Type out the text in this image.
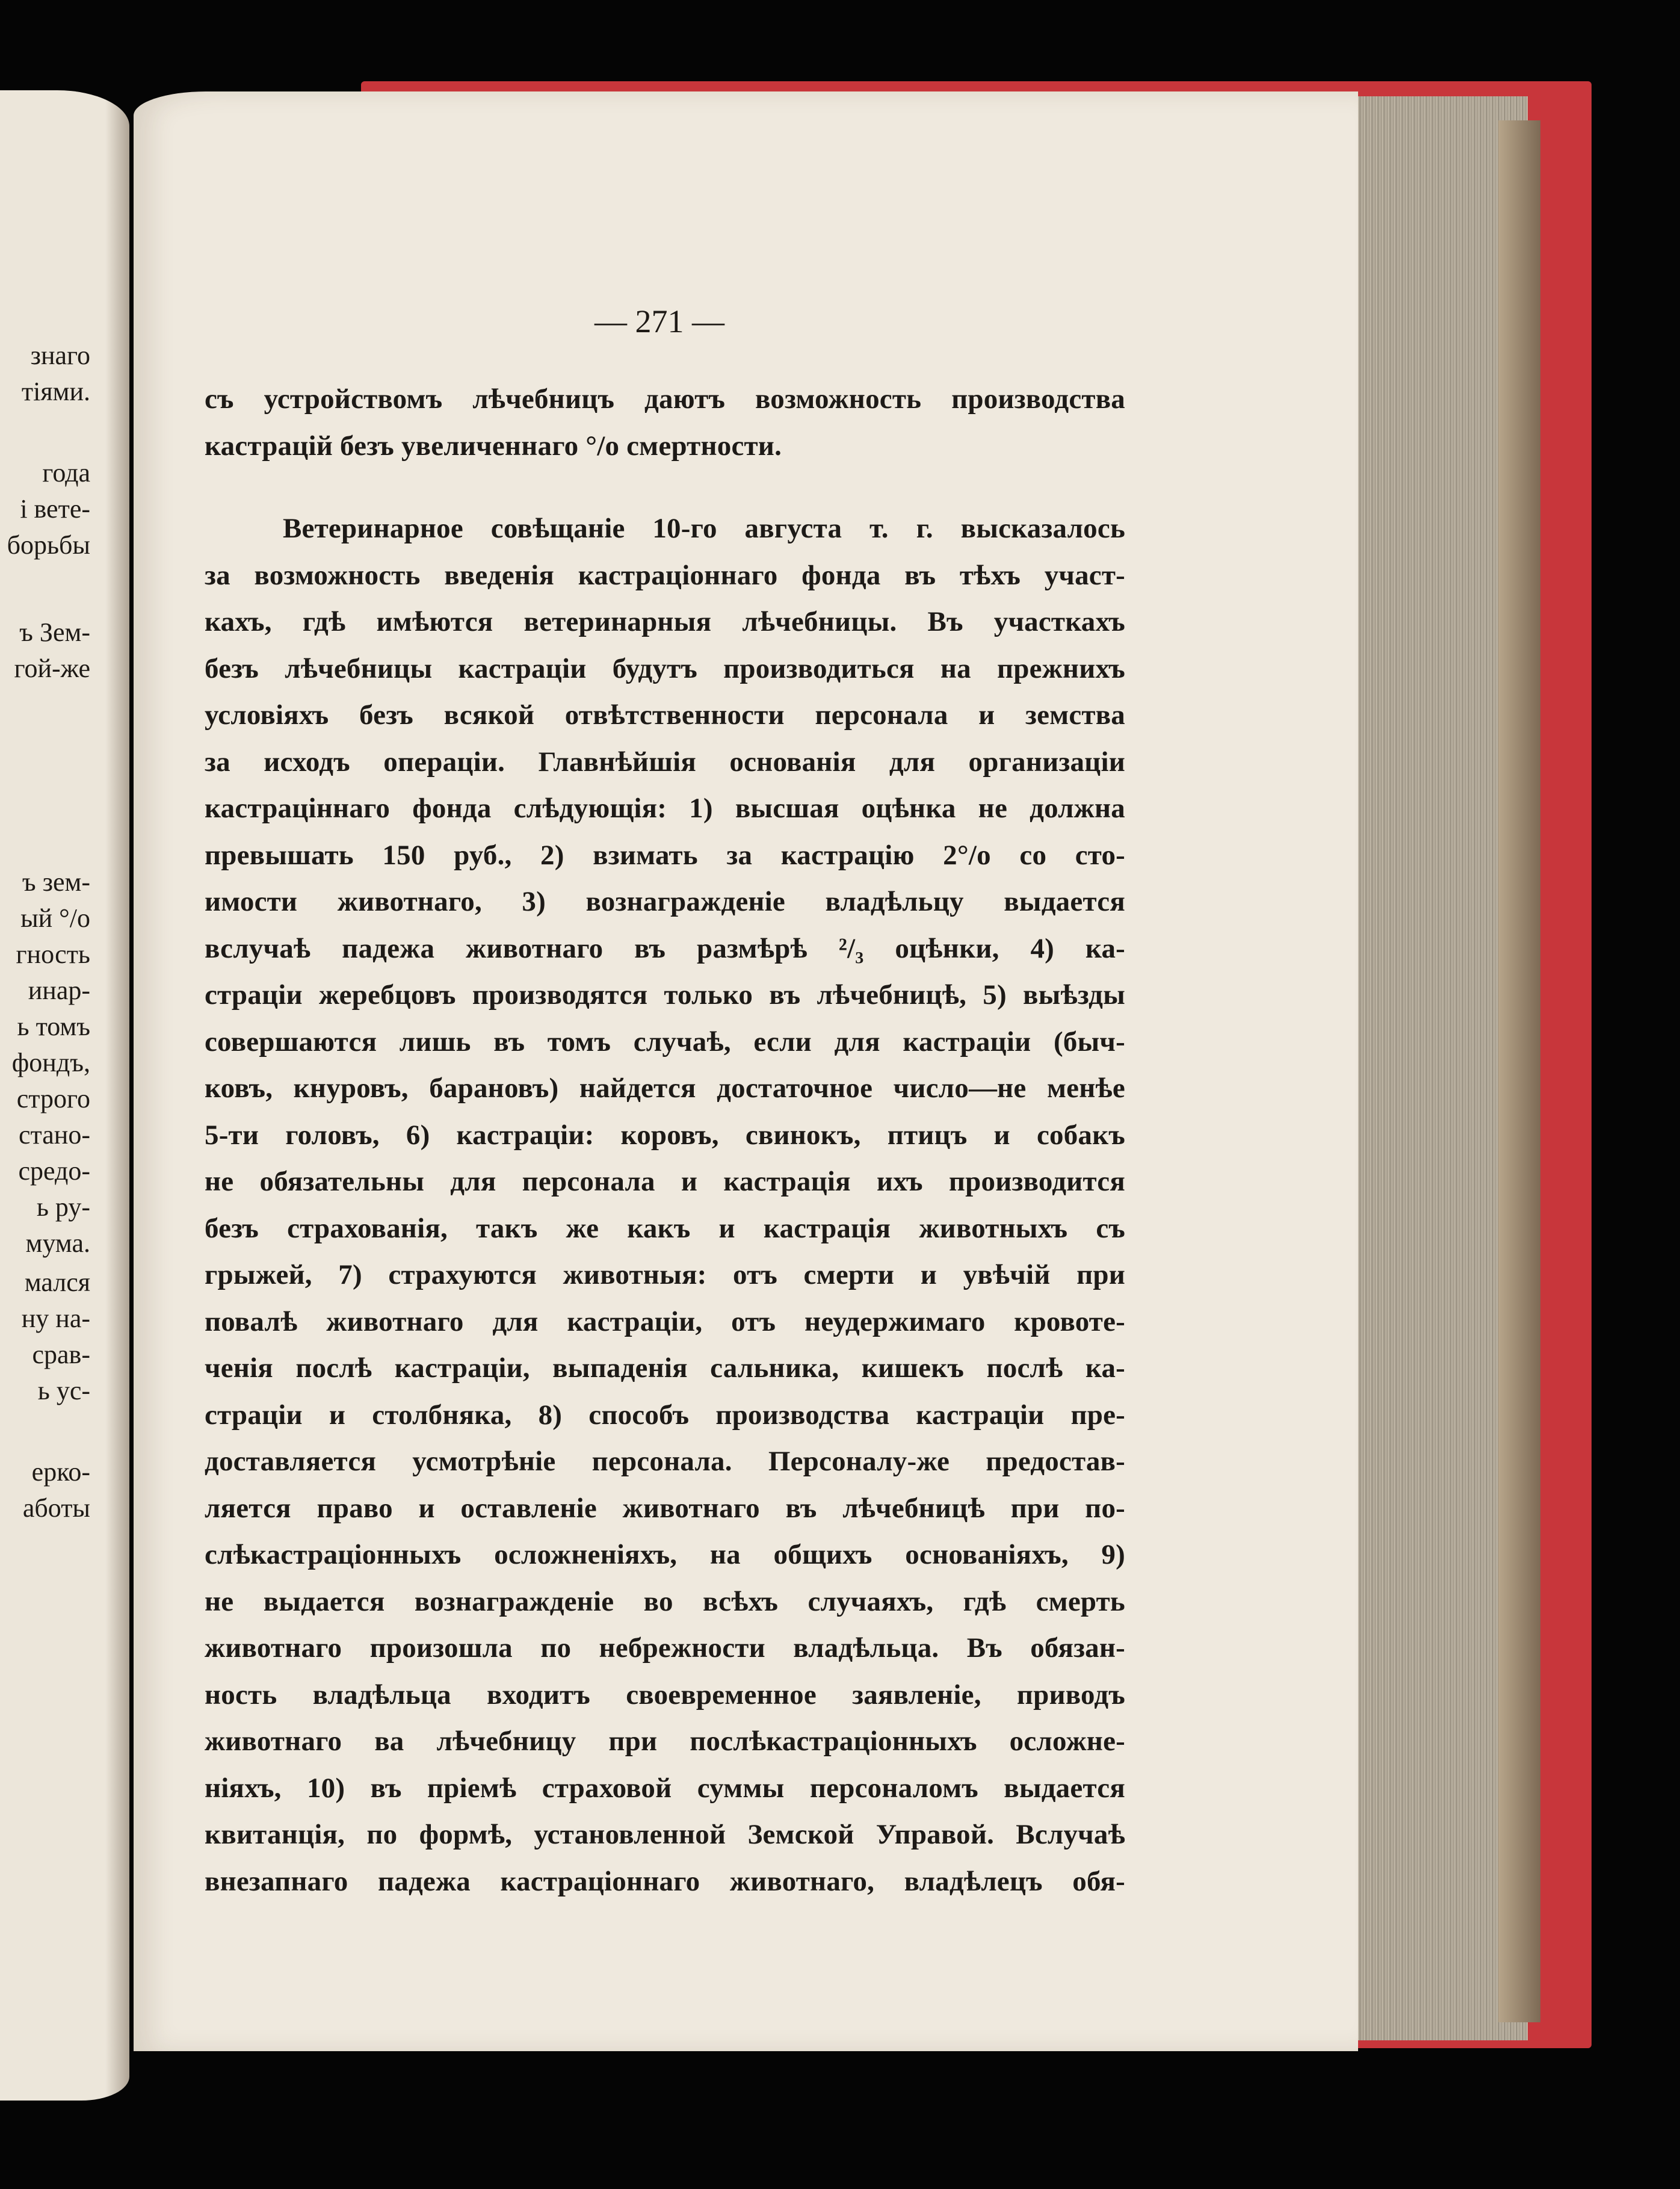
знаго
тіями.
года
і вете-
борьбы
ъ Зем-
гой-же
ъ зем-
ый °/o
гность
инар-
ь томъ
фондъ,
строго
стано-
средо-
ь ру-
мума.
мался
ну на-
срав-
ь ус-
ерко-
аботы
— 271 —
съ устройствомъ лѣчебницъ даютъ возможность производства
кастрацій безъ увеличеннаго °/o смертности.
Ветеринарное совѣщаніе 10-го августа т. г. высказалось
за возможность введенія кастраціоннаго фонда въ тѣхъ участ-
кахъ, гдѣ имѣются ветеринарныя лѣчебницы. Въ участкахъ
безъ лѣчебницы кастраціи будутъ производиться на прежнихъ
условіяхъ безъ всякой отвѣтственности персонала и земства
за исходъ операціи. Главнѣйшія основанія для организаціи
кастраціннаго фонда слѣдующія: 1) высшая оцѣнка не должна
превышать 150 руб., 2) взимать за кастрацію 2°/o со сто-
имости животнаго, 3) вознагражденіе владѣльцу выдается
вслучаѣ падежа животнаго въ размѣрѣ ²/₃ оцѣнки, 4) ка-
страціи жеребцовъ производятся только въ лѣчебницѣ, 5) выѣзды
совершаются лишь въ томъ случаѣ, если для кастраціи (быч-
ковъ, кнуровъ, барановъ) найдется достаточное число—не менѣе
5-ти головъ, 6) кастраціи: коровъ, свинокъ, птицъ и собакъ
не обязательны для персонала и кастрація ихъ производится
безъ страхованія, такъ же какъ и кастрація животныхъ съ
грыжей, 7) страхуются животныя: отъ смерти и увѣчій при
повалѣ животнаго для кастраціи, отъ неудержимаго кровоте-
ченія послѣ кастраціи, выпаденія сальника, кишекъ послѣ ка-
страціи и столбняка, 8) способъ производства кастраціи пре-
доставляется усмотрѣніе персонала. Персоналу-же предостав-
ляется право и оставленіе животнаго въ лѣчебницѣ при по-
слѣкастраціонныхъ осложненіяхъ, на общихъ основаніяхъ, 9)
не выдается вознагражденіе во всѣхъ случаяхъ, гдѣ смерть
животнаго произошла по небрежности владѣльца. Въ обязан-
ность владѣльца входитъ своевременное заявленіе, приводъ
животнаго ва лѣчебницу при послѣкастраціонныхъ осложне-
ніяхъ, 10) въ пріемѣ страховой суммы персоналомъ выдается
квитанція, по формѣ, установленной Земской Управой. Вслучаѣ
внезапнаго падежа кастраціоннаго животнаго, владѣлецъ обя-
